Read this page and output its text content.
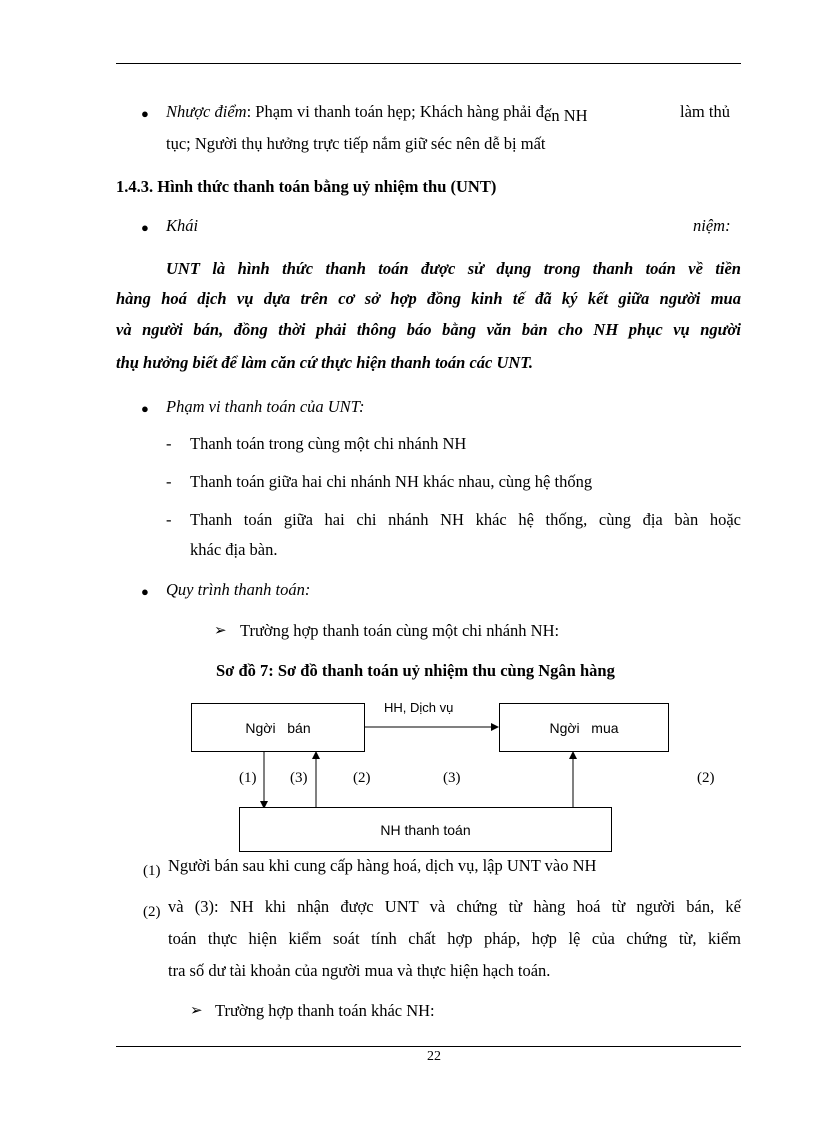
● Nhược điểm: Phạm vi thanh toán hẹp; Khách hàng phải đến NH	làm thủ
tục; Người thụ hưởng trực tiếp nắm giữ séc nên dễ bị mất
1.4.3. Hình thức thanh toán bằng uỷ nhiệm thu (UNT)
● Khái	niệm:
UNT là hình thức thanh toán được sử dụng trong thanh toán về tiền
hàng hoá dịch vụ dựa trên cơ sở hợp đồng kinh tế đã ký kết giữa người mua
và người bán, đồng thời phải thông báo bằng văn bản cho NH phục vụ người
thụ hưởng biết để làm căn cứ thực hiện thanh toán các UNT.
● Phạm vi thanh toán của UNT:
- Thanh toán trong cùng một chi nhánh NH
- Thanh toán giữa hai chi nhánh NH khác nhau, cùng hệ thống
- Thanh toán giữa hai chi nhánh NH khác hệ thống, cùng địa bàn hoặc
khác địa bàn.
● Quy trình thanh toán:
➢ Trường hợp thanh toán cùng một chi nhánh NH:
Sơ đồ 7: Sơ đồ thanh toán uỷ nhiệm thu cùng Ngân hàng
Ngời   bán	Ngời   mua
NH thanh toán
HH, Dịch vụ
(1) (3)	(2)	(3)	(2)
(1) Người bán sau khi cung cấp hàng hoá, dịch vụ, lập UNT vào NH
(2) và (3): NH khi nhận được UNT và chứng từ hàng hoá từ người bán, kế
toán thực hiện kiểm soát tính chất hợp pháp, hợp lệ của chứng từ, kiểm
tra số dư tài khoản của người mua và thực hiện hạch toán.
➢ Trường hợp thanh toán khác NH:
22
